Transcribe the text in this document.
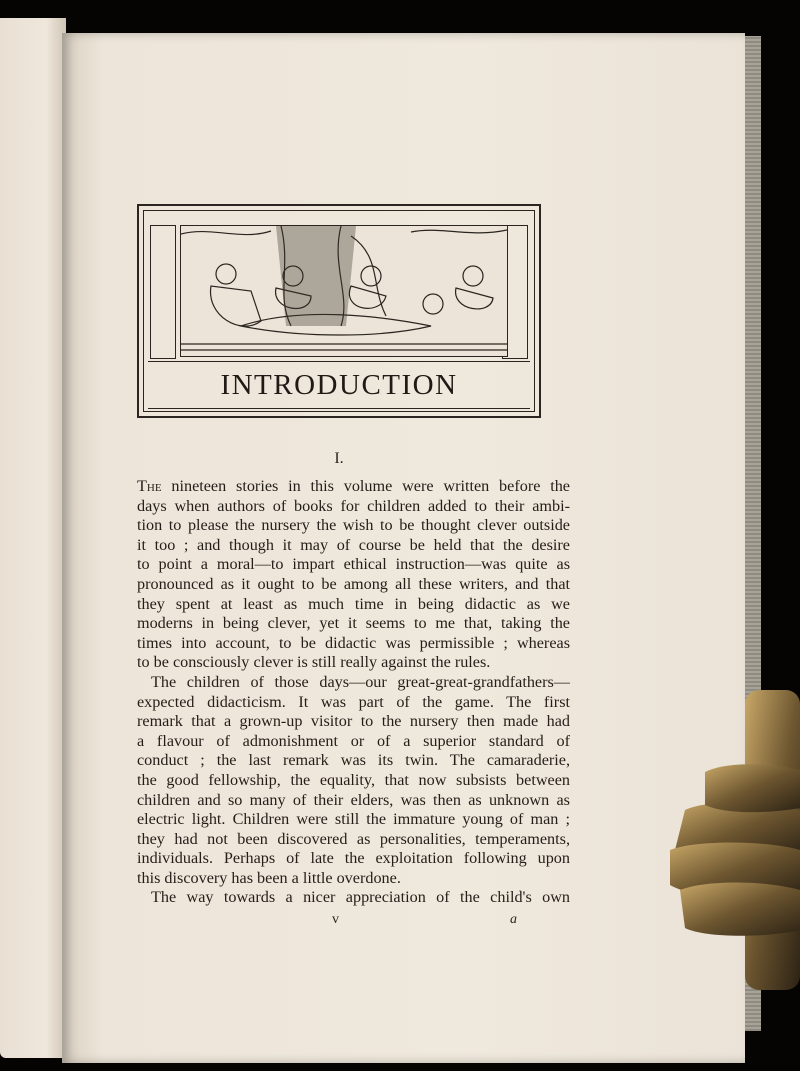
INTRODUCTION
I.
The nineteen stories in this volume were written before the
days when authors of books for children added to their ambi-
tion to please the nursery the wish to be thought clever outside
it too ; and though it may of course be held that the desire
to point a moral—to impart ethical instruction—was quite as
pronounced as it ought to be among all these writers, and that
they spent at least as much time in being didactic as we
moderns in being clever, yet it seems to me that, taking the
times into account, to be didactic was permissible ; whereas
to be consciously clever is still really against the rules.
The children of those days—our great-great-grandfathers—
expected didacticism. It was part of the game. The first
remark that a grown-up visitor to the nursery then made had
a flavour of admonishment or of a superior standard of
conduct ; the last remark was its twin. The camaraderie,
the good fellowship, the equality, that now subsists between
children and so many of their elders, was then as unknown as
electric light. Children were still the immature young of man ;
they had not been discovered as personalities, temperaments,
individuals. Perhaps of late the exploitation following upon
this discovery has been a little overdone.
The way towards a nicer appreciation of the child's own
v	a
